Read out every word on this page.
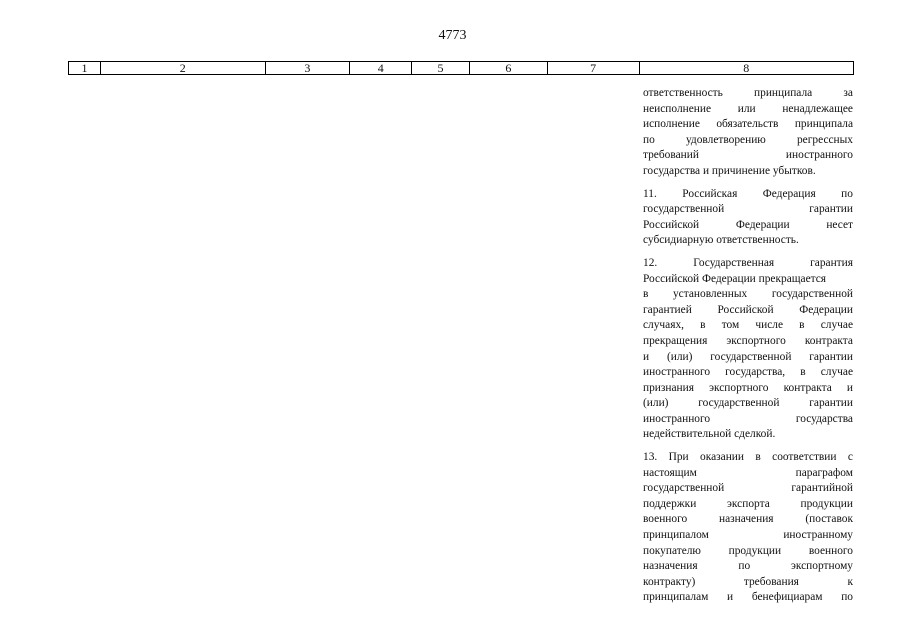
4773
1	2	3	4	5	6	7	8
ответственность	принципала	за
неисполнение или ненадлежащее
исполнение обязательств принципала
по	удовлетворению	регрессных
требований	иностранного
государства и причинение убытков.
11. Российская Федерация по
государственной	гарантии
Российской	Федерации	несет
субсидиарную ответственность.
12.	Государственная	гарантия
Российской Федерации прекращается
в установленных государственной
гарантией Российской Федерации
случаях, в том числе в случае
прекращения экспортного контракта
и (или) государственной гарантии
иностранного государства, в случае
признания экспортного контракта и
(или)	государственной	гарантии
иностранного	государства
недействительной сделкой.
13. При оказании в соответствии с
настоящим	параграфом
государственной	гарантийной
поддержки	экспорта	продукции
военного	назначения	(поставок
принципалом	иностранному
покупателю продукции военного
назначения	по	экспортному
контракту)	требования	к
принципалам и бенефициарам по
